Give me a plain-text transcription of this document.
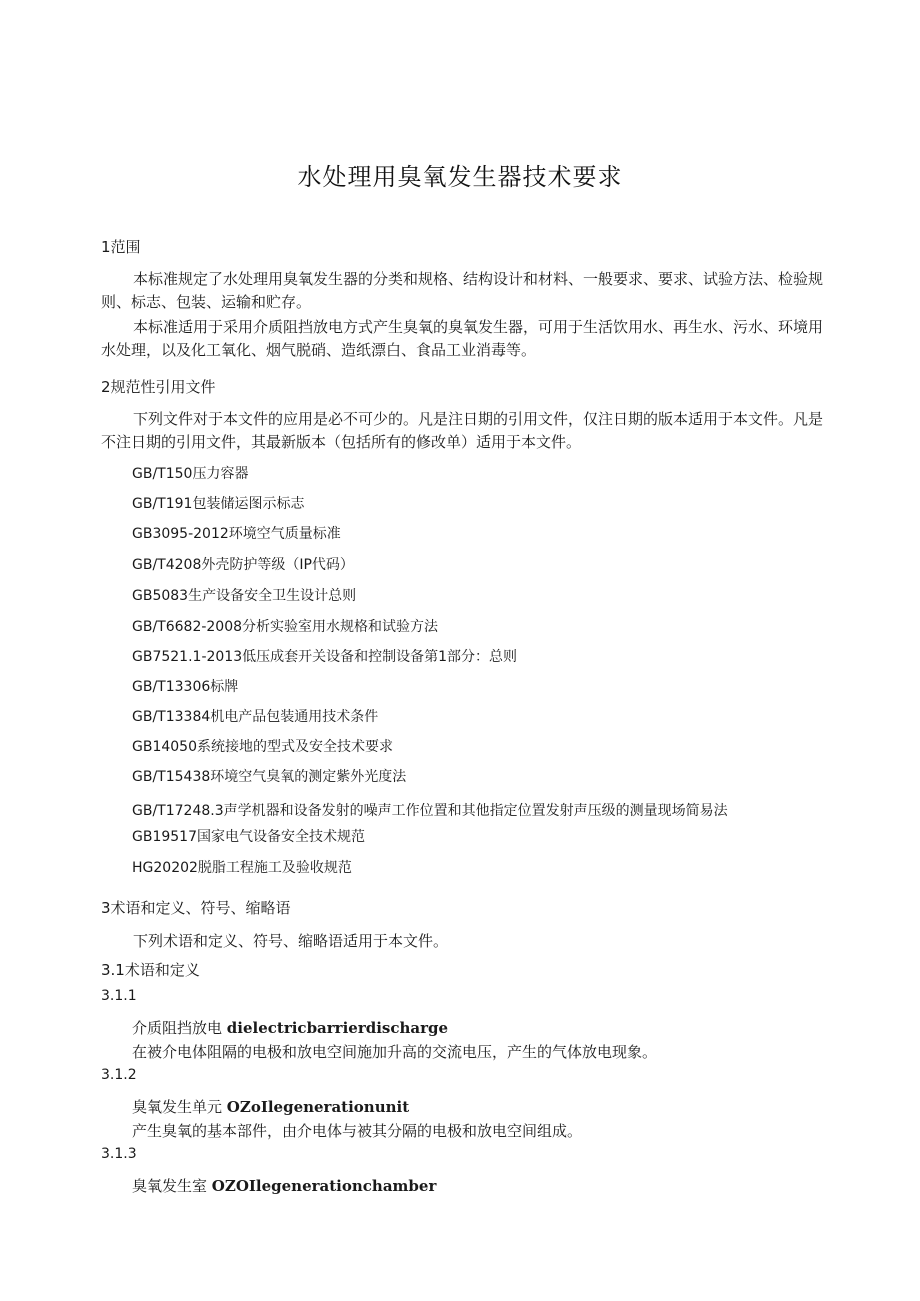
水处理用臭氧发生器技术要求
1范围
本标准规定了水处理用臭氧发生器的分类和规格、结构设计和材料、一般要求、要求、试验方法、检验规则、标志、包装、运输和贮存。
本标准适用于采用介质阻挡放电方式产生臭氧的臭氧发生器，可用于生活饮用水、再生水、污水、环境用水处理，以及化工氧化、烟气脱硝、造纸漂白、食品工业消毒等。
2规范性引用文件
下列文件对于本文件的应用是必不可少的。凡是注日期的引用文件，仅注日期的版本适用于本文件。凡是不注日期的引用文件，其最新版本（包括所有的修改单）适用于本文件。
GB/T150压力容器
GB/T191包装储运图示标志
GB3095-2012环境空气质量标准
GB/T4208外壳防护等级（IP代码）
GB5083生产设备安全卫生设计总则
GB/T6682-2008分析实验室用水规格和试验方法
GB7521.1-2013低压成套开关设备和控制设备第1部分：总则
GB/T13306标牌
GB/T13384机电产品包装通用技术条件
GB14050系统接地的型式及安全技术要求
GB/T15438环境空气臭氧的测定紫外光度法
GB/T17248.3声学机器和设备发射的噪声工作位置和其他指定位置发射声压级的测量现场简易法
GB19517国家电气设备安全技术规范
HG20202脱脂工程施工及验收规范
3术语和定义、符号、缩略语
下列术语和定义、符号、缩略语适用于本文件。
3.1术语和定义
3.1.1
介质阻挡放电 dielectricbarrierdischarge
在被介电体阻隔的电极和放电空间施加升高的交流电压，产生的气体放电现象。
3.1.2
臭氧发生单元 OZoIlegenerationunit
产生臭氧的基本部件，由介电体与被其分隔的电极和放电空间组成。
3.1.3
臭氧发生室 OZOIlegenerationchamber
